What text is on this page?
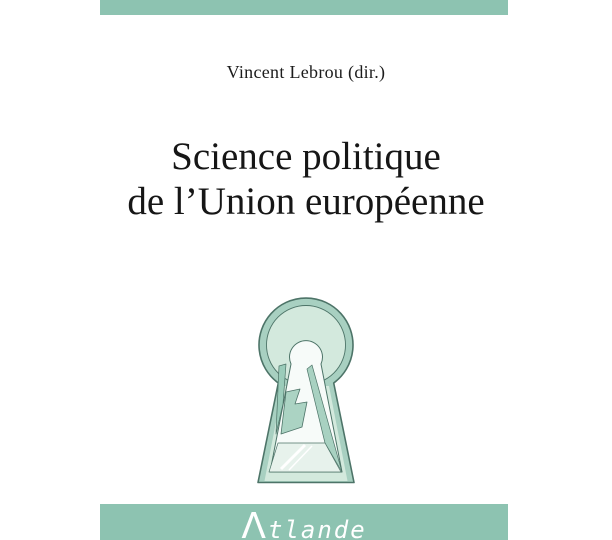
Vincent Lebrou (dir.)
Science politique
de l’Union européenne
Λ tlande
